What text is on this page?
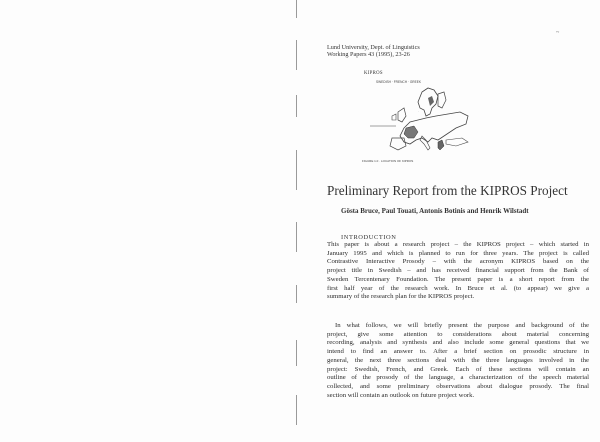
~
Lund University, Dept. of Linguistics
Working Papers 43 (1995), 23-26
KIPROS
SWEDISH · FRENCH · GREEK
·
FIGURE 1.0 · LOCATION OF KIPROS
Preliminary Report from the KIPROS Project
Gösta Bruce, Paul Touati, Antonis Botinis and Henrik Wilstadt
INTRODUCTION
This paper is about a research project – the KIPROS project – which started in
January 1995 and which is planned to run for three years. The project is called
Contrastive Interactive Prosody – with the acronym KIPROS based on the
project title in Swedish – and has received financial support from the Bank of
Sweden Tercentenary Foundation. The present paper is a short report from the
first half year of the research work. In Bruce et al. (to appear) we give a
summary of the research plan for the KIPROS project.
In what follows, we will briefly present the purpose and background of the
project, give some attention to considerations about material concerning
recording, analysis and synthesis and also include some general questions that we
intend to find an answer to. After a brief section on prosodic structure in
general, the next three sections deal with the three languages involved in the
project: Swedish, French, and Greek. Each of these sections will contain an
outline of the prosody of the language, a characterization of the speech material
collected, and some preliminary observations about dialogue prosody. The final
section will contain an outlook on future project work.
